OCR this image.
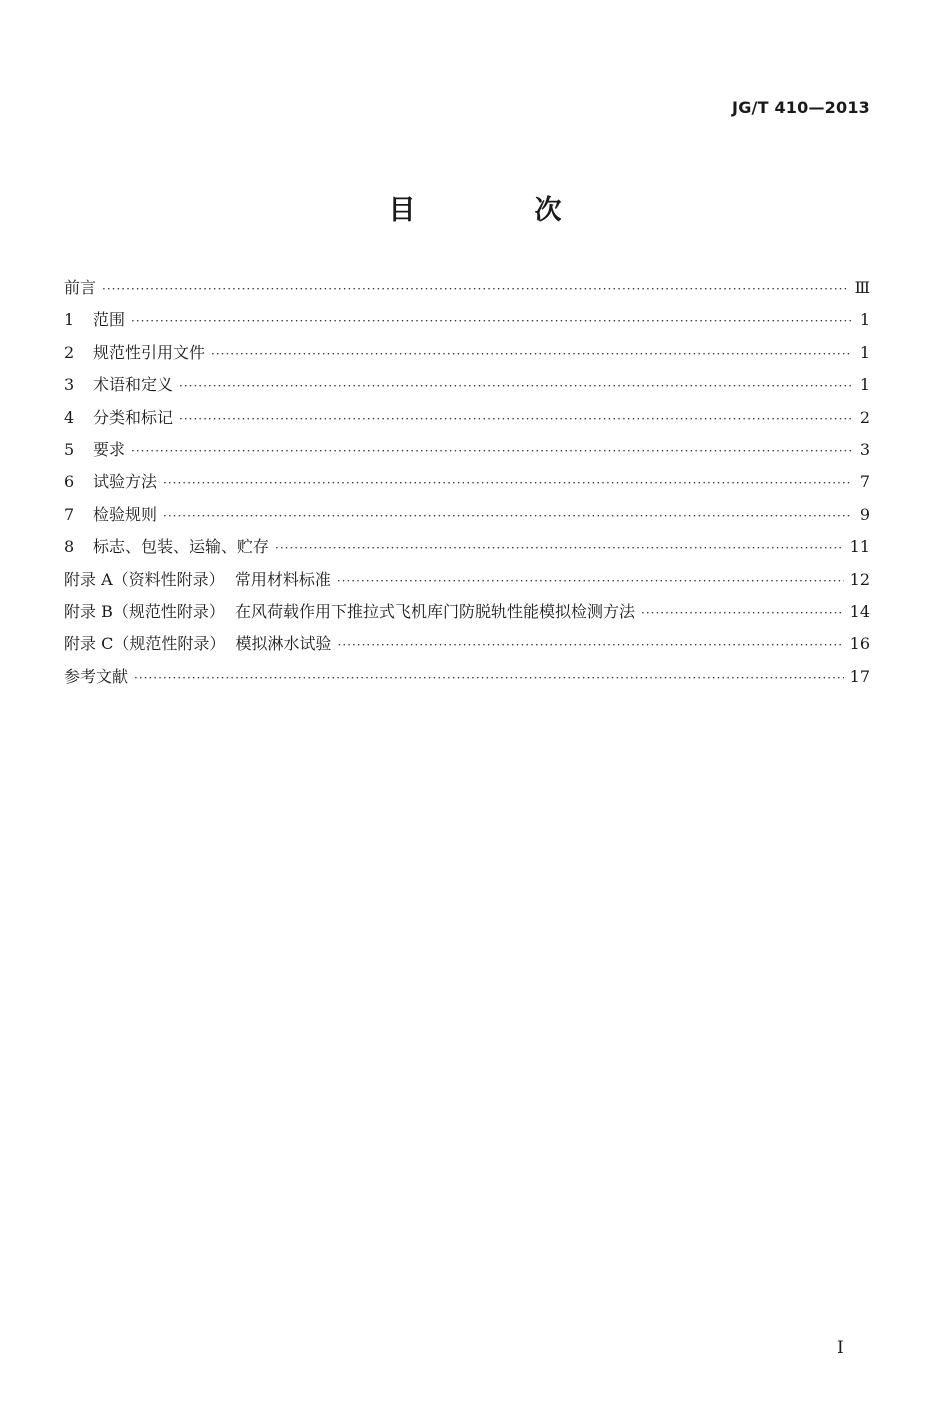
JG/T 410—2013
目　次
前言 ·····	Ⅲ
1	范围 ·····	1
2	规范性引用文件 ·····	1
3	术语和定义 ·····	1
4	分类和标记 ·····	2
5	要求 ·····	3
6	试验方法 ·····	7
7	检验规则 ·····	9
8	标志、包装、运输、贮存 ·····	11
附录 A（资料性附录）  常用材料标准 ·····	12
附录 B（规范性附录）  在风荷载作用下推拉式飞机库门防脱轨性能模拟检测方法 ·····	14
附录 C（规范性附录）  模拟淋水试验 ·····	16
参考文献 ·····	17
I
